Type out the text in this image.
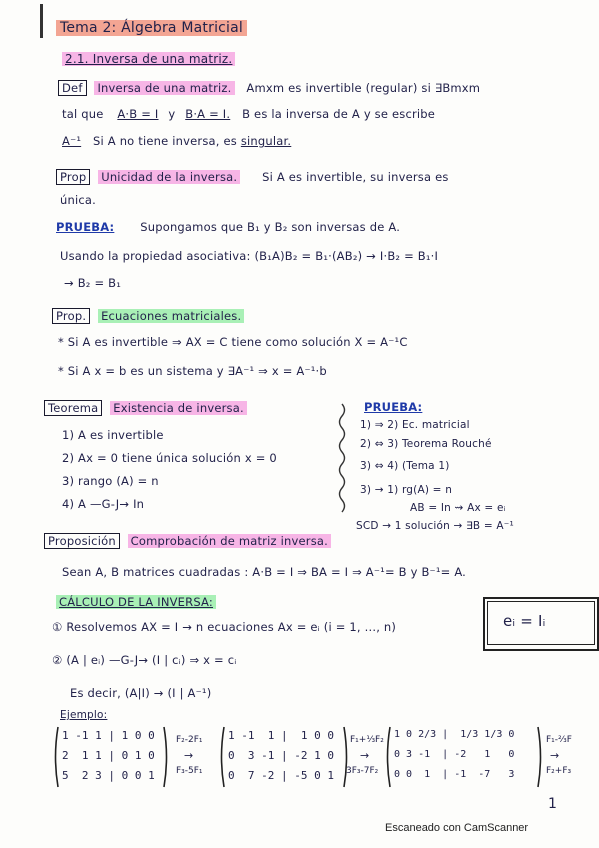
Tema 2: Álgebra Matricial
2.1. Inversa de una matriz.
Def Inversa de una matriz. Amxm es invertible (regular) si ∃Bmxm
tal que A·B = I y B·A = I. B es la inversa de A y se escribe
A⁻¹ Si A no tiene inversa, es singular.
Prop Unicidad de la inversa. Si A es invertible, su inversa es
única.
PRUEBA: Supongamos que B₁ y B₂ son inversas de A.
Usando la propiedad asociativa: (B₁A)B₂ = B₁·(AB₂) → I·B₂ = B₁·I
→ B₂ = B₁
Prop. Ecuaciones matriciales.
* Si A es invertible ⇒ AX = C tiene como solución X = A⁻¹C
* Si A x = b es un sistema y ∃A⁻¹ ⇒ x = A⁻¹·b
Teorema Existencia de inversa.
1) A es invertible
2) Ax = 0 tiene única solución x = 0
3) rango (A) = n
4) A —G-J→ In
PRUEBA:
1) ⇒ 2) Ec. matricial
2) ⇔ 3) Teorema Rouché
3) ⇔ 4) (Tema 1)
3) → 1) rg(A) = n
AB = In ⇝ Ax = eᵢ
SCD → 1 solución → ∃B = A⁻¹
Proposición Comprobación de matriz inversa.
Sean A, B matrices cuadradas : A·B = I ⇒ BA = I ⇒ A⁻¹= B y B⁻¹= A.
CÁLCULO DE LA INVERSA:
① Resolvemos AX = I → n ecuaciones Ax = eᵢ (i = 1, ..., n)	eᵢ = Iᵢ
② (A | eᵢ) —G-J→ (I | cᵢ) ⇒ x = cᵢ
Es decir, (A|I) → (I | A⁻¹)
Ejemplo:
1 -1 1 | 1 0 0
2  1 1 | 0 1 0
5  2 3 | 0 0 1
F₂-2F₁
→
F₃-5F₁
1 -1  1 |  1 0 0
0  3 -1 | -2 1 0
0  7 -2 | -5 0 1
F₁+⅓F₂
→
3F₃-7F₂
1 0 2/3 |  1/3 1/3 0
0 3 -1  | -2   1   0
0 0  1  | -1  -7   3
F₁-⅔F
→
F₂+F₃
1
Escaneado con CamScanner
